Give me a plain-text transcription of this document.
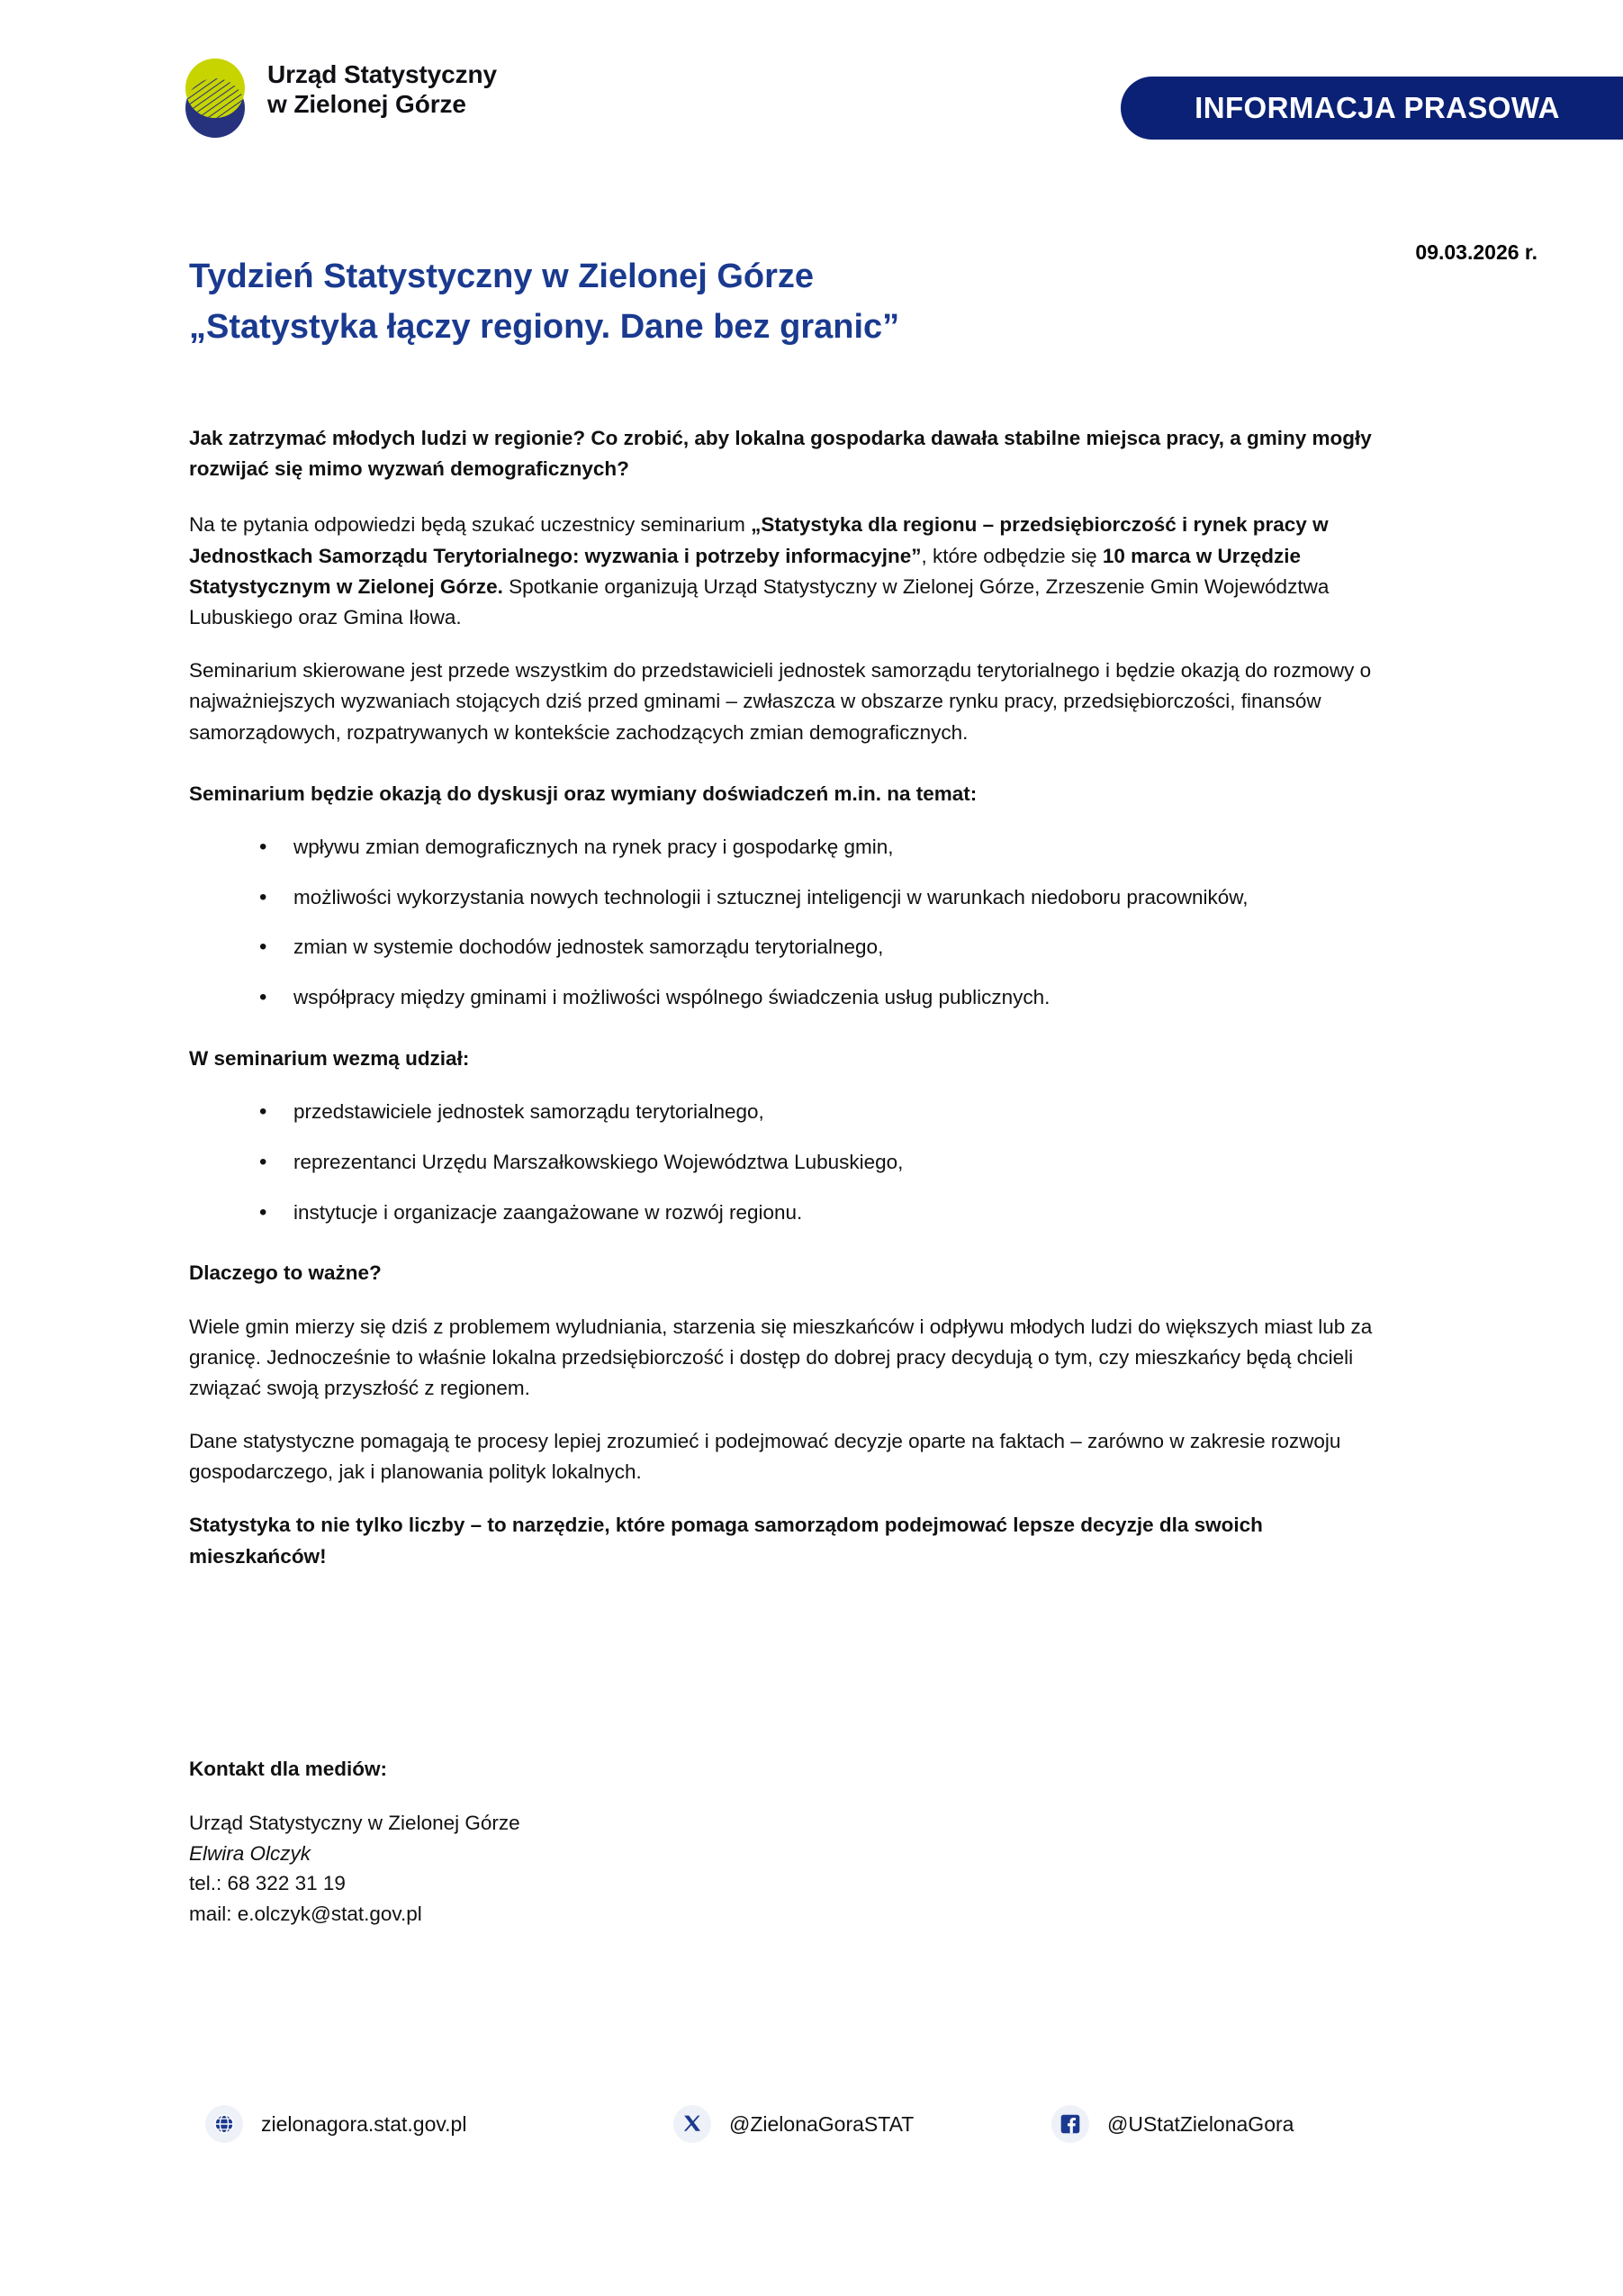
Urząd Statystyczny
w Zielonej Górze	INFORMACJA PRASOWA
Tydzień Statystyczny w Zielonej Górze
„Statystyka łączy regiony. Dane bez granic”
09.03.2026 r.

Jak zatrzymać młodych ludzi w regionie? Co zrobić, aby lokalna gospodarka dawała stabilne miejsca pracy, a gminy mogły rozwijać się mimo wyzwań demograficznych?

Na te pytania odpowiedzi będą szukać uczestnicy seminarium „Statystyka dla regionu – przedsiębiorczość i rynek pracy w Jednostkach Samorządu Terytorialnego: wyzwania i potrzeby informacyjne”, które odbędzie się 10 marca w Urzędzie Statystycznym w Zielonej Górze. Spotkanie organizują Urząd Statystyczny w Zielonej Górze, Zrzeszenie Gmin Województwa Lubuskiego oraz Gmina Iłowa.

Seminarium skierowane jest przede wszystkim do przedstawicieli jednostek samorządu terytorialnego i będzie okazją do rozmowy o najważniejszych wyzwaniach stojących dziś przed gminami – zwłaszcza w obszarze rynku pracy, przedsiębiorczości, finansów samorządowych, rozpatrywanych w kontekście zachodzących zmian demograficznych.

Seminarium będzie okazją do dyskusji oraz wymiany doświadczeń m.in. na temat:

• wpływu zmian demograficznych na rynek pracy i gospodarkę gmin,
• możliwości wykorzystania nowych technologii i sztucznej inteligencji w warunkach niedoboru pracowników,
• zmian w systemie dochodów jednostek samorządu terytorialnego,
• współpracy między gminami i możliwości wspólnego świadczenia usług publicznych.

W seminarium wezmą udział:

• przedstawiciele jednostek samorządu terytorialnego,
• reprezentanci Urzędu Marszałkowskiego Województwa Lubuskiego,
• instytucje i organizacje zaangażowane w rozwój regionu.

Dlaczego to ważne?

Wiele gmin mierzy się dziś z problemem wyludniania, starzenia się mieszkańców i odpływu młodych ludzi do większych miast lub za granicę. Jednocześnie to właśnie lokalna przedsiębiorczość i dostęp do dobrej pracy decydują o tym, czy mieszkańcy będą chcieli związać swoją przyszłość z regionem.

Dane statystyczne pomagają te procesy lepiej zrozumieć i podejmować decyzje oparte na faktach – zarówno w zakresie rozwoju gospodarczego, jak i planowania polityk lokalnych.

Statystyka to nie tylko liczby – to narzędzie, które pomaga samorządom podejmować lepsze decyzje dla swoich mieszkańców!

Kontakt dla mediów:
Urząd Statystyczny w Zielonej Górze
Elwira Olczyk
tel.: 68 322 31 19
mail: e.olczyk@stat.gov.pl
zielonagora.stat.gov.pl	@ZielonaGoraSTAT	@UStatZielonaGora
